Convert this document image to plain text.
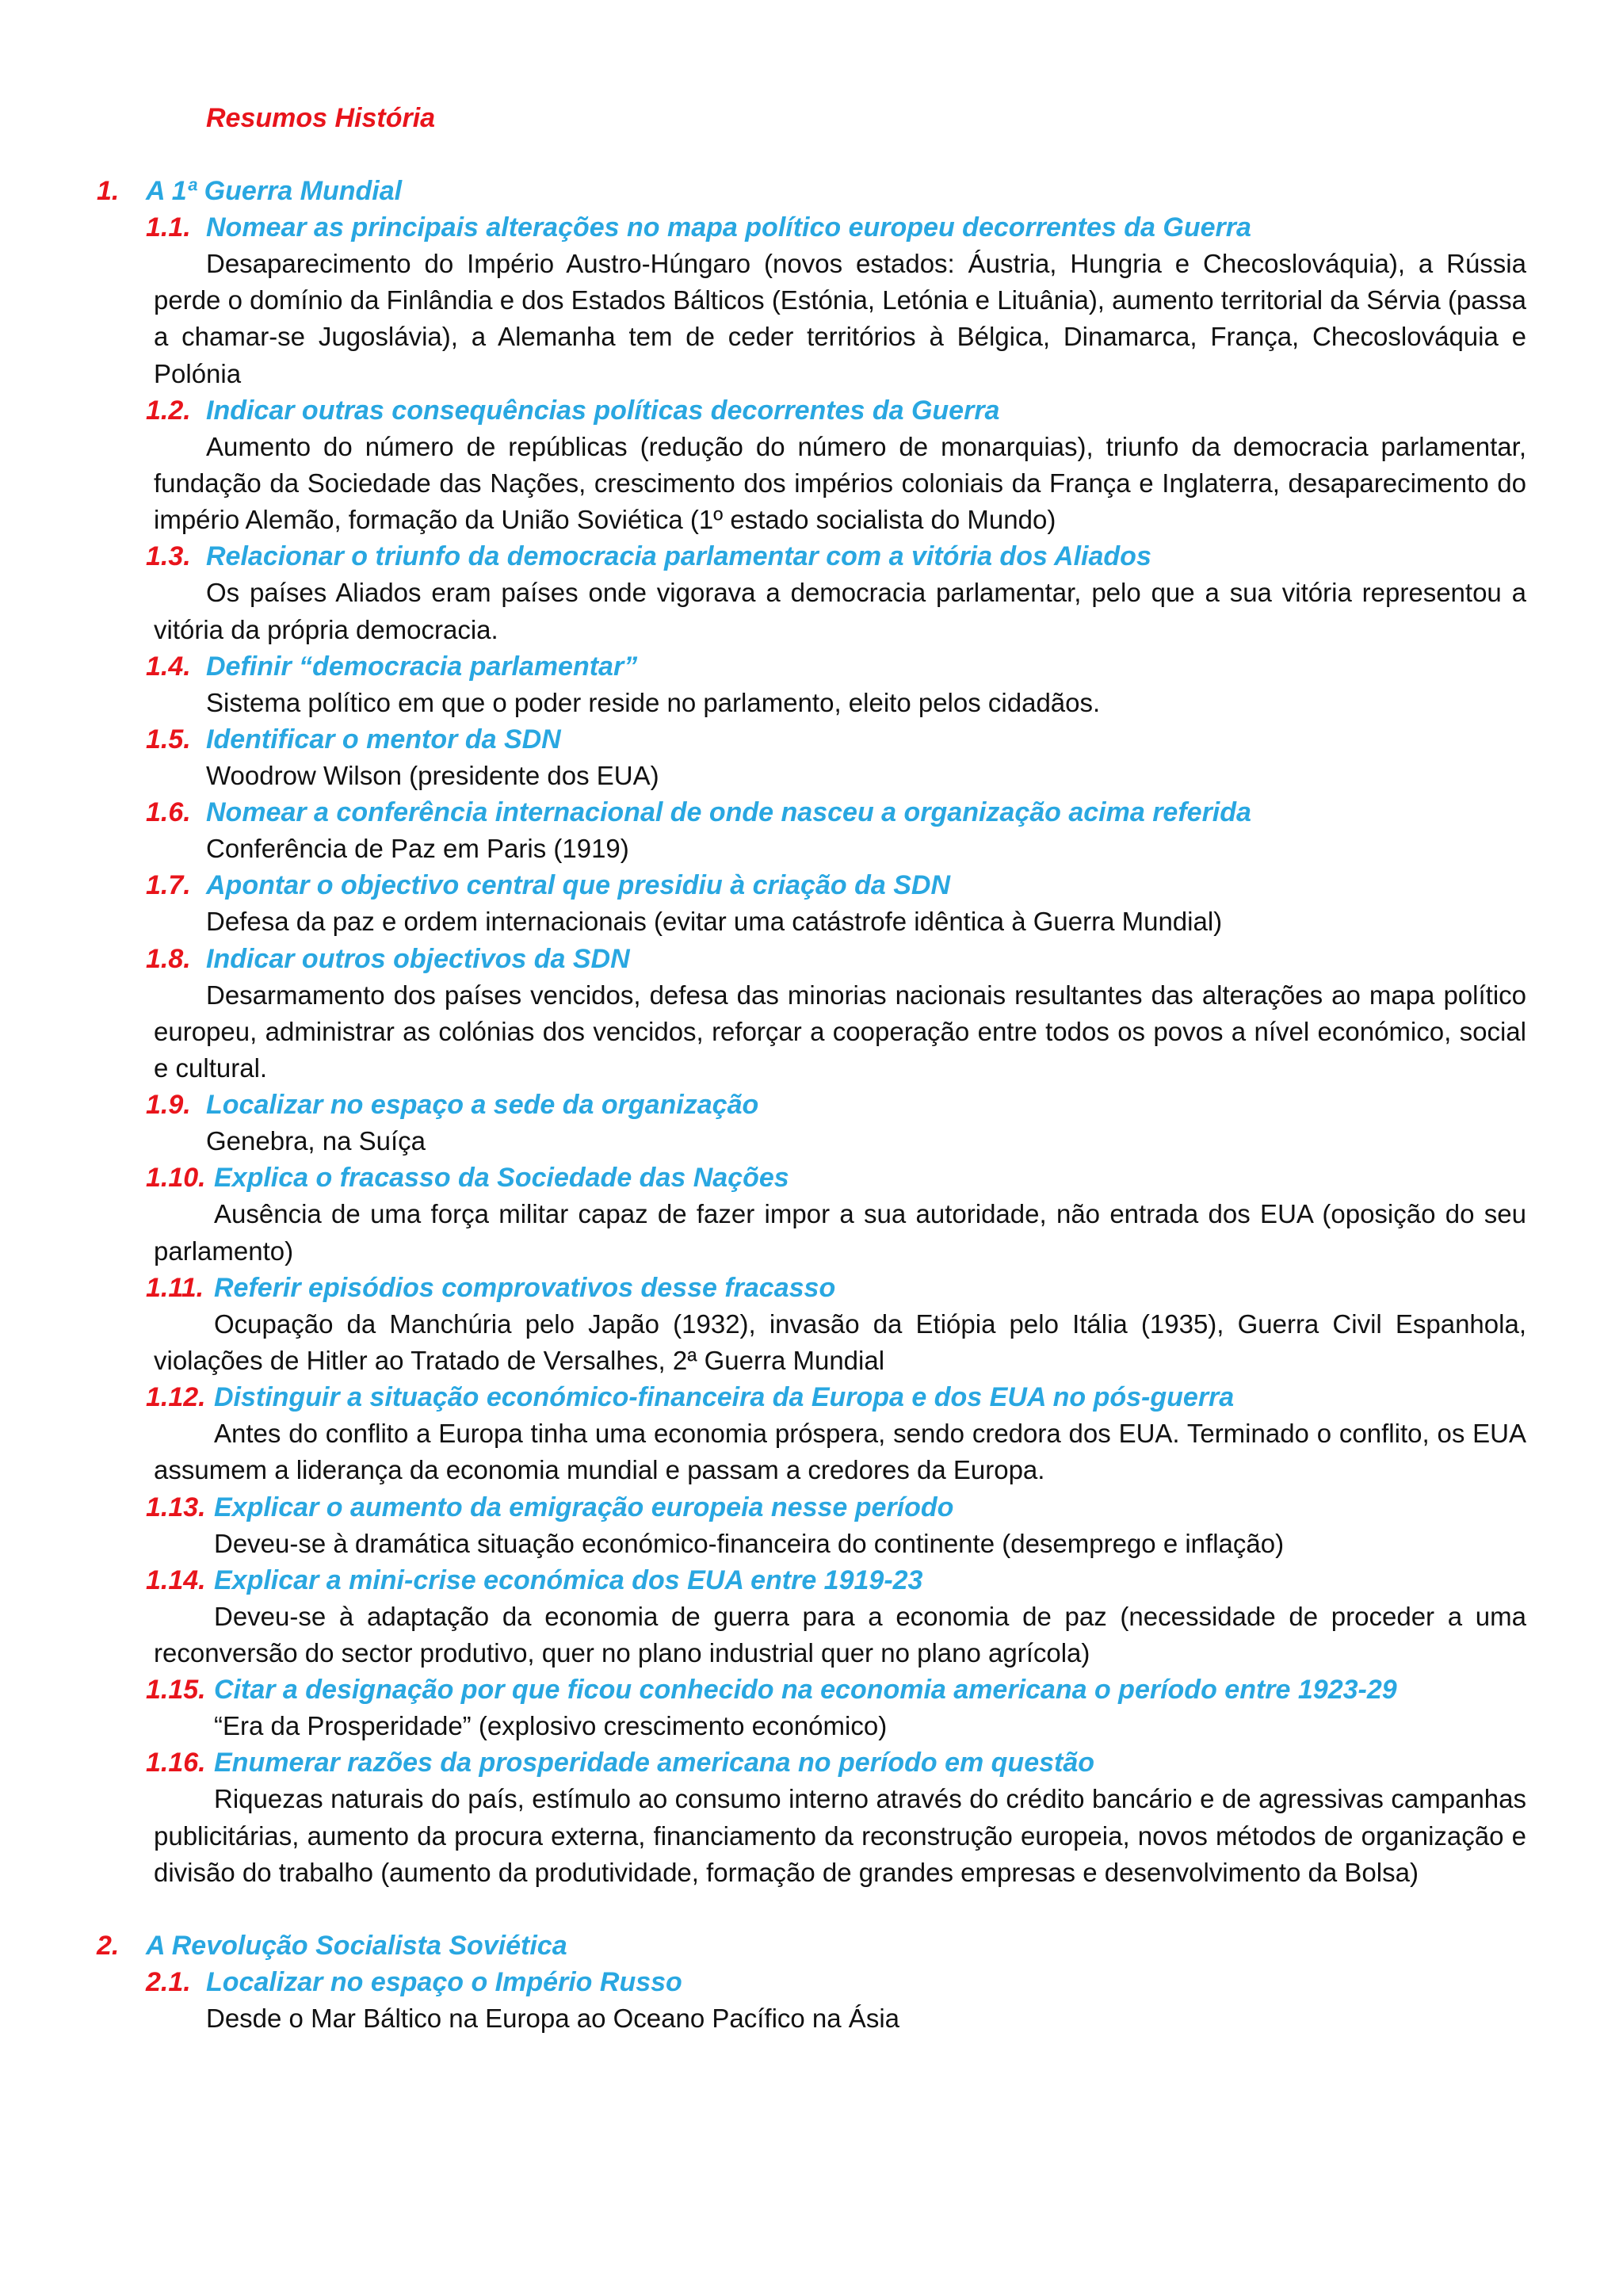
Resumos História
1. A 1ª Guerra Mundial
1.1. Nomear as principais alterações no mapa político europeu decorrentes da Guerra
Desaparecimento do Império Austro-Húngaro (novos estados: Áustria, Hungria e Checoslováquia), a Rússia perde o domínio da Finlândia e dos Estados Bálticos (Estónia, Letónia e Lituânia), aumento territorial da Sérvia (passa a chamar-se Jugoslávia), a Alemanha tem de ceder territórios à Bélgica, Dinamarca, França, Checoslováquia e Polónia
1.2. Indicar outras consequências políticas decorrentes da Guerra
Aumento do número de repúblicas (redução do número de monarquias), triunfo da democracia parlamentar, fundação da Sociedade das Nações, crescimento dos impérios coloniais da França e Inglaterra, desaparecimento do império Alemão, formação da União Soviética (1º estado socialista do Mundo)
1.3. Relacionar o triunfo da democracia parlamentar com a vitória dos Aliados
Os países Aliados eram países onde vigorava a democracia parlamentar, pelo que a sua vitória representou a vitória da própria democracia.
1.4. Definir “democracia parlamentar”
Sistema político em que o poder reside no parlamento, eleito pelos cidadãos.
1.5. Identificar o mentor da SDN
Woodrow Wilson (presidente dos EUA)
1.6. Nomear a conferência internacional de onde nasceu a organização acima referida
Conferência de Paz em Paris (1919)
1.7. Apontar o objectivo central que presidiu à criação da SDN
Defesa da paz e ordem internacionais (evitar uma catástrofe idêntica à Guerra Mundial)
1.8. Indicar outros objectivos da SDN
Desarmamento dos países vencidos, defesa das minorias nacionais resultantes das alterações ao mapa político europeu, administrar as colónias dos vencidos, reforçar a cooperação entre todos os povos a nível económico, social e cultural.
1.9. Localizar no espaço a sede da organização
Genebra, na Suíça
1.10. Explica o fracasso da Sociedade das Nações
Ausência de uma força militar capaz de fazer impor a sua autoridade, não entrada dos EUA (oposição do seu parlamento)
1.11. Referir episódios comprovativos desse fracasso
Ocupação da Manchúria pelo Japão (1932), invasão da Etiópia pelo Itália (1935), Guerra Civil Espanhola, violações de Hitler ao Tratado de Versalhes, 2ª Guerra Mundial
1.12. Distinguir a situação económico-financeira da Europa e dos EUA no pós-guerra
Antes do conflito a Europa tinha uma economia próspera, sendo credora dos EUA. Terminado o conflito, os EUA assumem a liderança da economia mundial e passam a credores da Europa.
1.13. Explicar o aumento da emigração europeia nesse período
Deveu-se à dramática situação económico-financeira do continente (desemprego e inflação)
1.14. Explicar a mini-crise económica dos EUA entre 1919-23
Deveu-se à adaptação da economia de guerra para a economia de paz (necessidade de proceder a uma reconversão do sector produtivo, quer no plano industrial quer no plano agrícola)
1.15. Citar a designação por que ficou conhecido na economia americana o período entre 1923-29
“Era da Prosperidade” (explosivo crescimento económico)
1.16. Enumerar razões da prosperidade americana no período em questão
Riquezas naturais do país, estímulo ao consumo interno através do crédito bancário e de agressivas campanhas publicitárias, aumento da procura externa, financiamento da reconstrução europeia, novos métodos de organização e divisão do trabalho (aumento da produtividade, formação de grandes empresas e desenvolvimento da Bolsa)
2. A Revolução Socialista Soviética
2.1. Localizar no espaço o Império Russo
Desde o Mar Báltico na Europa ao Oceano Pacífico na Ásia
